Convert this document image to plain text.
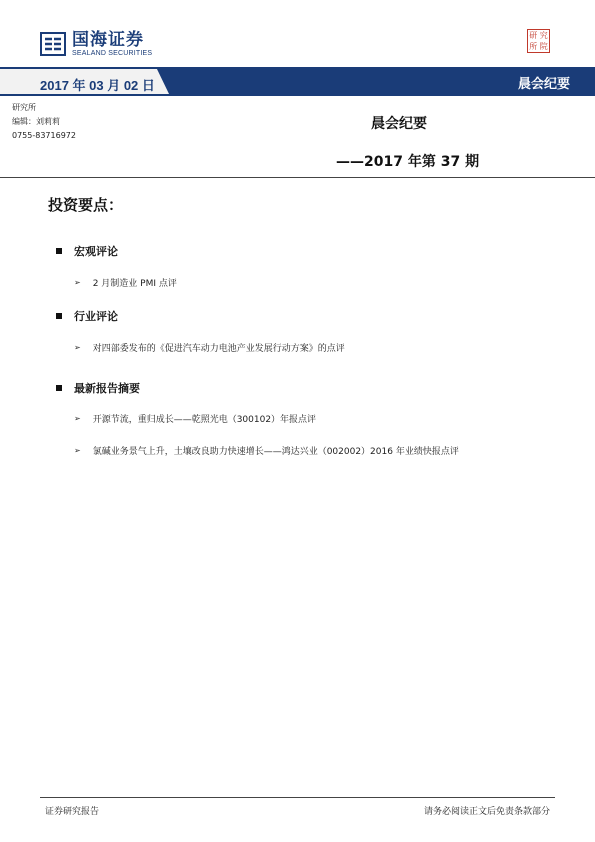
国海证券
SEALAND SECURITIES
研 究
所 院
2017 年 03 月 02 日	晨会纪要
研究所
编辑：刘莉莉
0755-83716972
晨会纪要
——2017 年第 37 期
投资要点：
宏观评论
➢ 2 月制造业 PMI 点评
行业评论
➢ 对四部委发布的《促进汽车动力电池产业发展行动方案》的点评
最新报告摘要
➢ 开源节流，重归成长——乾照光电（300102）年报点评
➢ 氯碱业务景气上升，土壤改良助力快速增长——鸿达兴业（002002）2016 年业绩快报点评
证券研究报告	请务必阅读正文后免责条款部分
